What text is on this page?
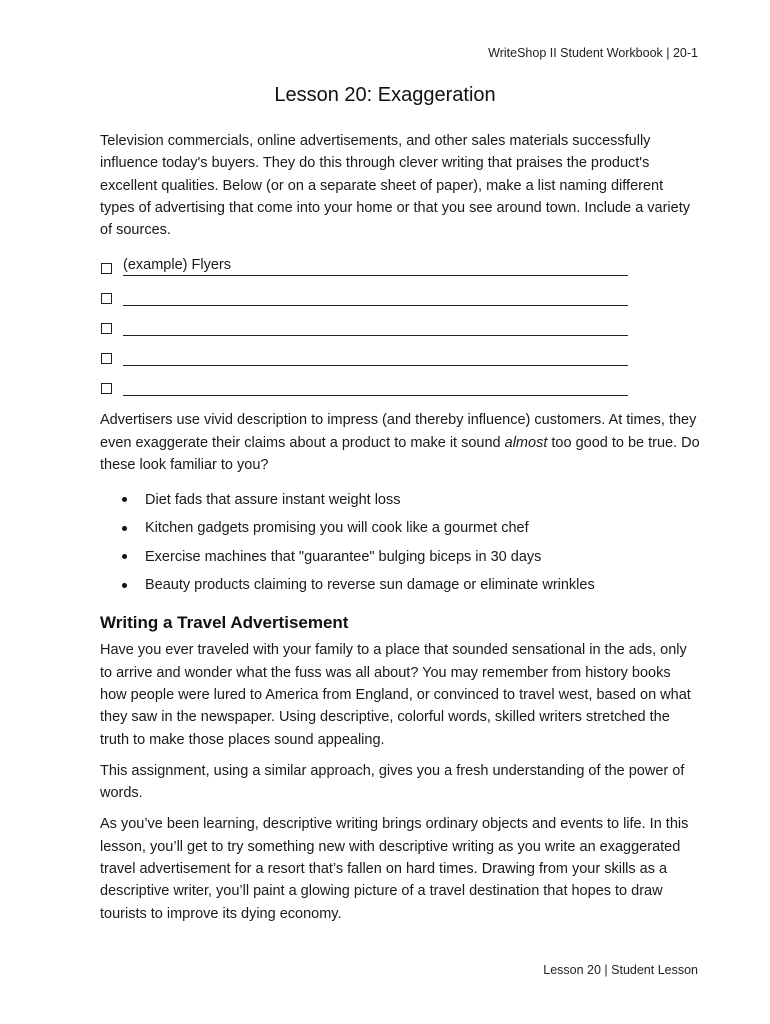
WriteShop II Student Workbook | 20-1
Lesson 20: Exaggeration

Television commercials, online advertisements, and other sales materials successfully influence today's buyers. They do this through clever writing that praises the product's excellent qualities. Below (or on a separate sheet of paper), make a list naming different types of advertising that come into your home or that you see around town. Include a variety of sources.

(example) Flyers

Advertisers use vivid description to impress (and thereby influence) customers. At times, they even exaggerate their claims about a product to make it sound almost too good to be true. Do these look familiar to you?

Diet fads that assure instant weight loss
Kitchen gadgets promising you will cook like a gourmet chef
Exercise machines that "guarantee" bulging biceps in 30 days
Beauty products claiming to reverse sun damage or eliminate wrinkles
Writing a Travel Advertisement

Have you ever traveled with your family to a place that sounded sensational in the ads, only to arrive and wonder what the fuss was all about? You may remember from history books how people were lured to America from England, or convinced to travel west, based on what they saw in the newspaper. Using descriptive, colorful words, skilled writers stretched the truth to make those places sound appealing.

This assignment, using a similar approach, gives you a fresh understanding of the power of words.

As you’ve been learning, descriptive writing brings ordinary objects and events to life. In this lesson, you’ll get to try something new with descriptive writing as you write an exaggerated travel advertisement for a resort that’s fallen on hard times. Drawing from your skills as a descriptive writer, you’ll paint a glowing picture of a travel destination that hopes to draw tourists to improve its dying economy.

Lesson 20 | Student Lesson
